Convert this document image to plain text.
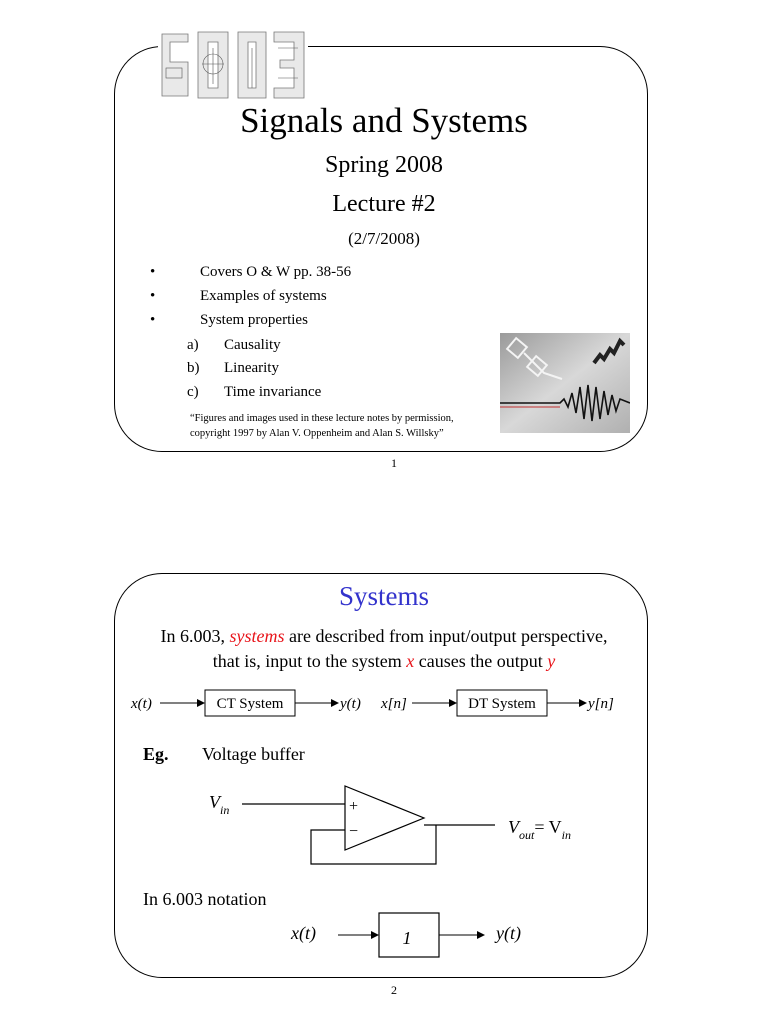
Signals and Systems
Spring 2008
Lecture #2
(2/7/2008)
•	Covers O & W pp. 38-56
•	Examples of systems
•	System properties
a) Causality
b) Linearity
c) Time invariance
“Figures and images used in these lecture notes by permission,
copyright 1997 by Alan V. Oppenheim and Alan S. Willsky”
1
Systems
In 6.003, systems are described from input/output perspective,
that is, input to the system x causes the output y
x(t)	CT System	y(t) x[n]	DT System	y[n]
Eg. Voltage buffer
$V_{in}$	+
−	$V_{out}= V_{in}$
In 6.003 notation
x(t)	1	y(t)
2
